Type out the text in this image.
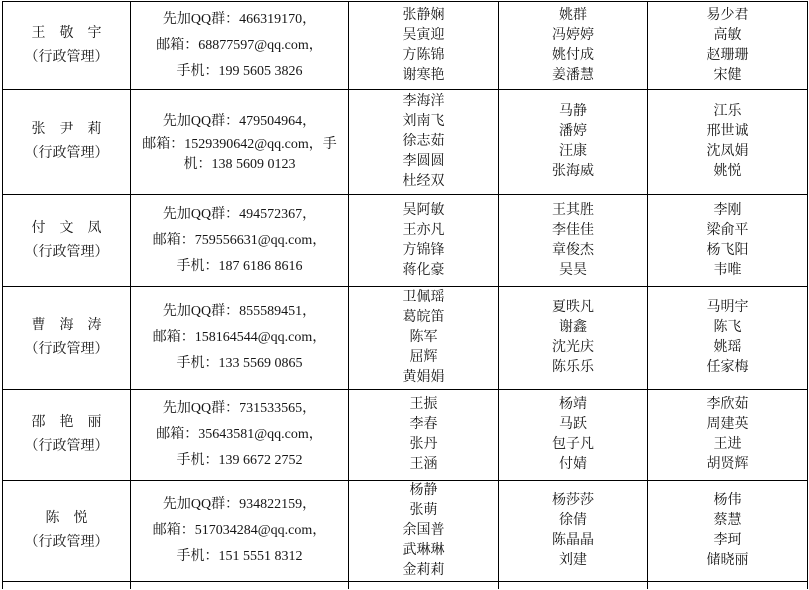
王　敬　宇
（行政管理）
先加QQ群：466319170，
邮箱：68877597@qq.com，
手机：199 5605 3826
张静娴
吴寅迎
方陈锦
谢寒艳
姚群
冯婷婷
姚付成
姜潘慧
易少君
高敏
赵珊珊
宋健
张　尹　莉
（行政管理）
先加QQ群：479504964，
邮箱：1529390642@qq.com，手机：138 5609 0123
李海洋
刘南飞
徐志茹
李圆圆
杜经双
马静
潘婷
汪康
张海威
江乐
邢世诚
沈凤娟
姚悦
付　文　凤
（行政管理）
先加QQ群：494572367，
邮箱：759556631@qq.com，
手机：187 6186 8616
吴阿敏
王亦凡
方锦锋
蒋化豪
王其胜
李佳佳
章俊杰
吴昊
李刚
梁俞平
杨飞阳
韦唯
曹　海　涛
（行政管理）
先加QQ群：855589451，
邮箱：158164544@qq.com，
手机：133 5569 0865
卫佩瑶
葛皖笛
陈军
屈辉
黄娟娟
夏昳凡
谢鑫
沈光庆
陈乐乐
马明宇
陈飞
姚瑶
任家梅
邵　艳　丽
（行政管理）
先加QQ群：731533565，
邮箱：35643581@qq.com，
手机：139 6672 2752
王振
李春
张丹
王涵
杨靖
马跃
包子凡
付婧
李欣茹
周建英
王进
胡贤辉
陈　悦
（行政管理）
先加QQ群：934822159，
邮箱：517034284@qq.com，
手机：151 5551 8312
杨静
张萌
余国普
武琳琳
金莉莉
杨莎莎
徐倩
陈晶晶
刘建
杨伟
蔡慧
李珂
储晓丽
